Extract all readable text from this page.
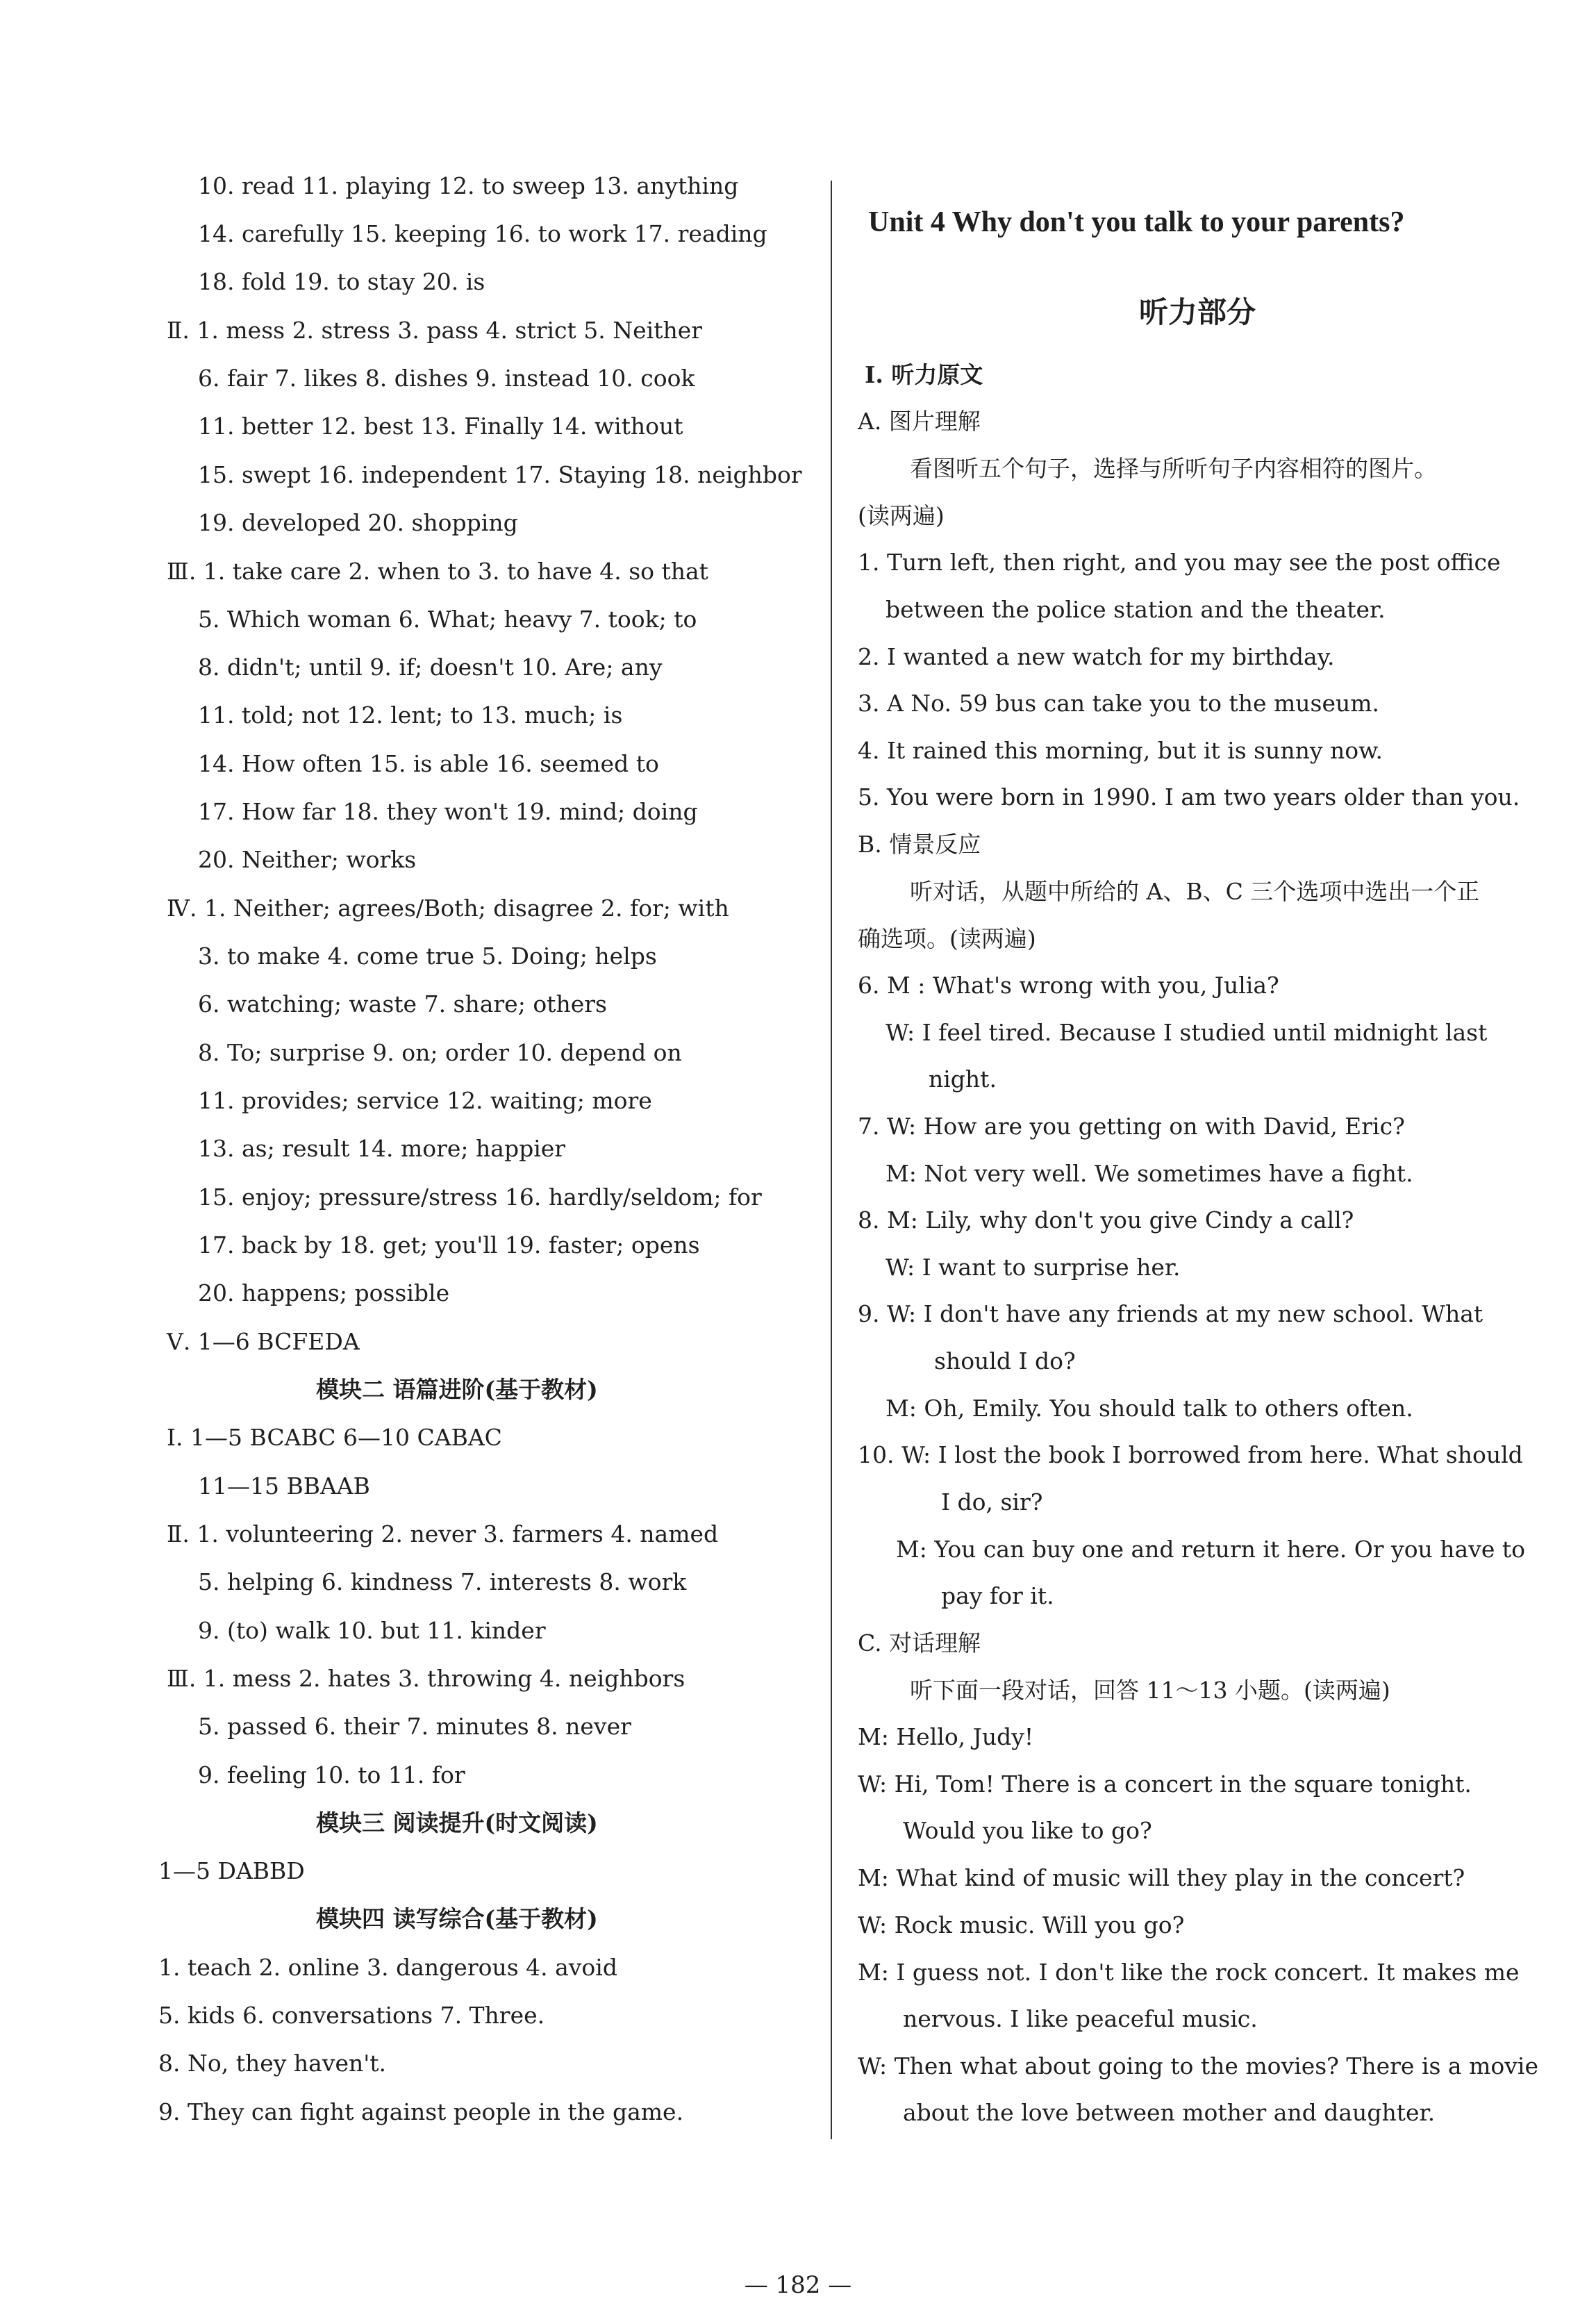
10. read 11. playing 12. to sweep 13. anything
14. carefully 15. keeping 16. to work 17. reading
18. fold 19. to stay 20. is
Ⅱ. 1. mess 2. stress 3. pass 4. strict 5. Neither
6. fair 7. likes 8. dishes 9. instead 10. cook
11. better 12. best 13. Finally 14. without
15. swept 16. independent 17. Staying 18. neighbor
19. developed 20. shopping
Ⅲ. 1. take care 2. when to 3. to have 4. so that
5. Which woman 6. What; heavy 7. took; to
8. didn't; until 9. if; doesn't 10. Are; any
11. told; not 12. lent; to 13. much; is
14. How often 15. is able 16. seemed to
17. How far 18. they won't 19. mind; doing
20. Neither; works
Ⅳ. 1. Neither; agrees/Both; disagree 2. for; with
3. to make 4. come true 5. Doing; helps
6. watching; waste 7. share; others
8. To; surprise 9. on; order 10. depend on
11. provides; service 12. waiting; more
13. as; result 14. more; happier
15. enjoy; pressure/stress 16. hardly/seldom; for
17. back by 18. get; you'll 19. faster; opens
20. happens; possible
Ⅴ. 1—6 BCFEDA
模块二 语篇进阶(基于教材)
Ⅰ. 1—5 BCABC 6—10 CABAC
11—15 BBAAB
Ⅱ. 1. volunteering 2. never 3. farmers 4. named
5. helping 6. kindness 7. interests 8. work
9. (to) walk 10. but 11. kinder
Ⅲ. 1. mess 2. hates 3. throwing 4. neighbors
5. passed 6. their 7. minutes 8. never
9. feeling 10. to 11. for
模块三 阅读提升(时文阅读)
1—5 DABBD
模块四 读写综合(基于教材)
1. teach 2. online 3. dangerous 4. avoid
5. kids 6. conversations 7. Three.
8. No, they haven't.
9. They can fight against people in the game.
Unit 4 Why don't you talk to your parents?
听力部分
Ⅰ. 听力原文
A. 图片理解
看图听五个句子，选择与所听句子内容相符的图片。
(读两遍)
1. Turn left, then right, and you may see the post office
between the police station and the theater.
2. I wanted a new watch for my birthday.
3. A No. 59 bus can take you to the museum.
4. It rained this morning, but it is sunny now.
5. You were born in 1990. I am two years older than you.
B. 情景反应
听对话，从题中所给的 A、B、C 三个选项中选出一个正
确选项。(读两遍)
6. M : What's wrong with you, Julia?
W: I feel tired. Because I studied until midnight last
night.
7. W: How are you getting on with David, Eric?
M: Not very well. We sometimes have a fight.
8. M: Lily, why don't you give Cindy a call?
W: I want to surprise her.
9. W: I don't have any friends at my new school. What
should I do?
M: Oh, Emily. You should talk to others often.
10. W: I lost the book I borrowed from here. What should
I do, sir?
M: You can buy one and return it here. Or you have to
pay for it.
C. 对话理解
听下面一段对话，回答 11～13 小题。(读两遍)
M: Hello, Judy!
W: Hi, Tom! There is a concert in the square tonight.
Would you like to go?
M: What kind of music will they play in the concert?
W: Rock music. Will you go?
M: I guess not. I don't like the rock concert. It makes me
nervous. I like peaceful music.
W: Then what about going to the movies? There is a movie
about the love between mother and daughter.
— 182 —
